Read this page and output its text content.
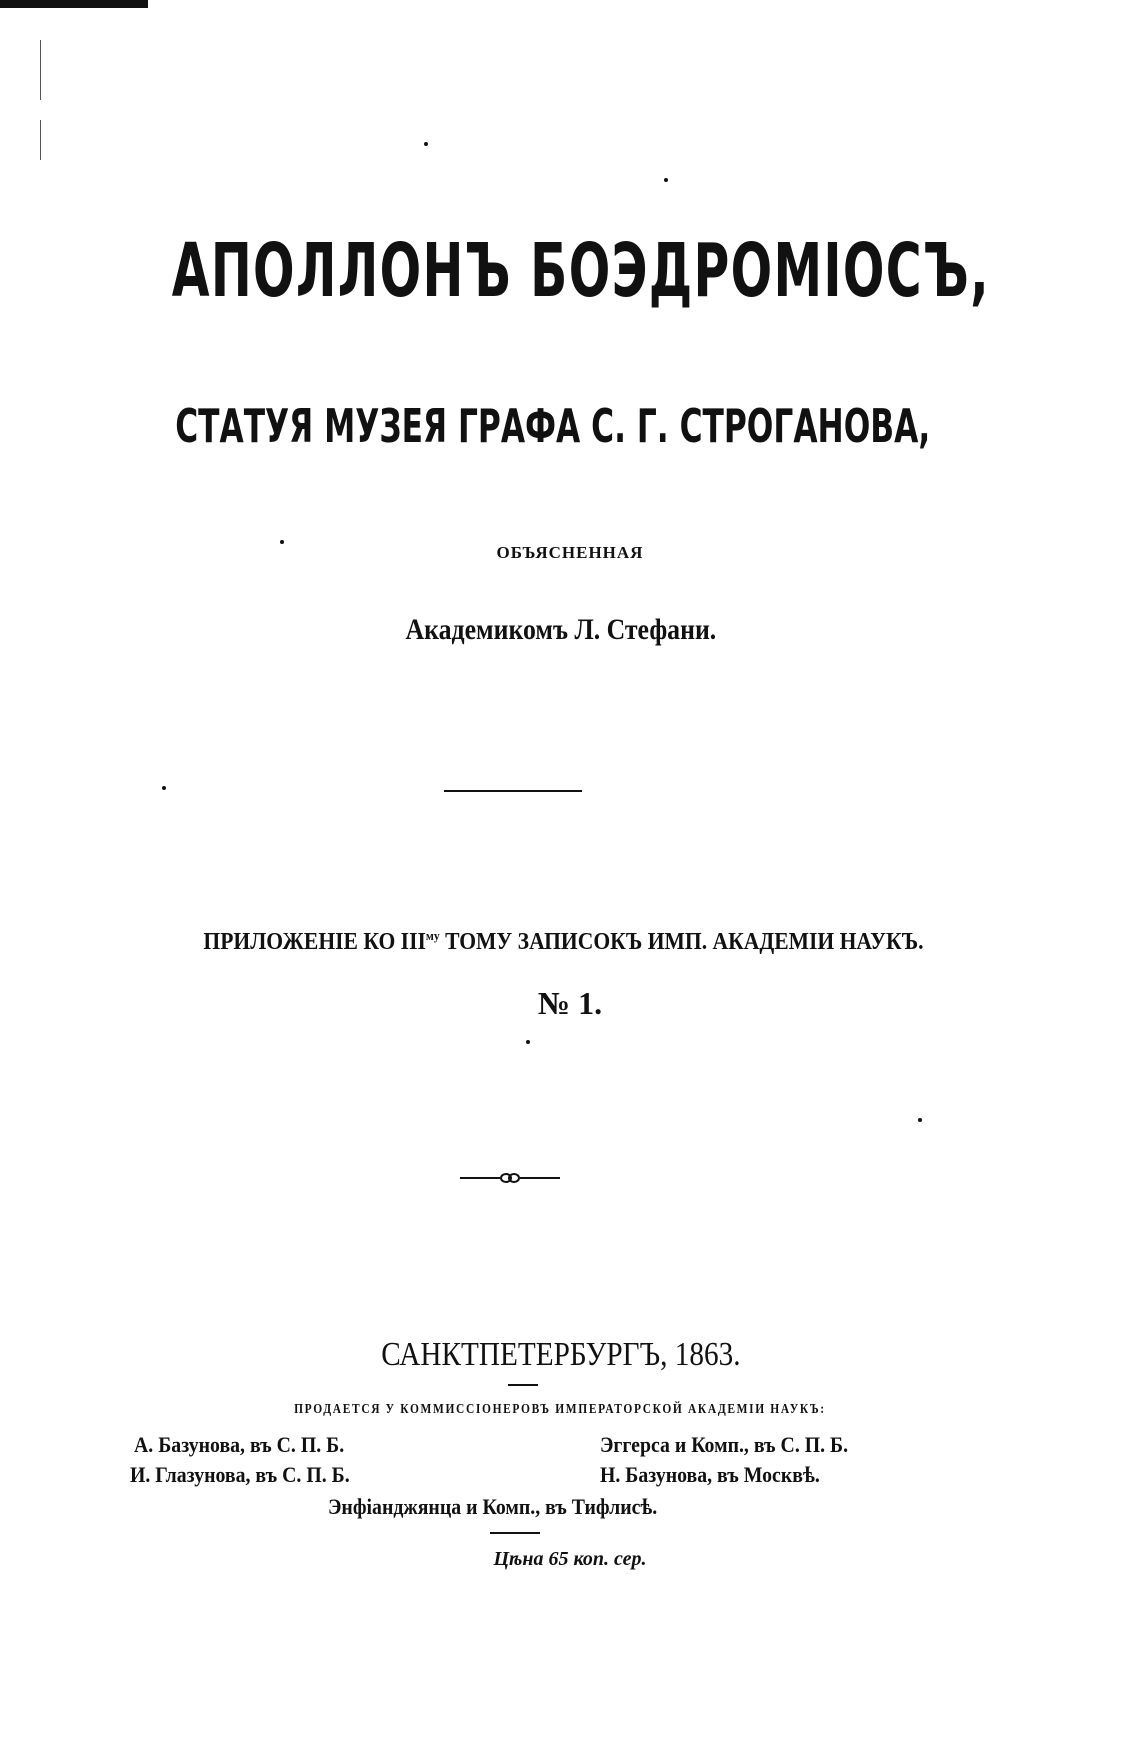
АПОЛЛОНЪ БОЭДРОМIОСЪ,
СТАТУЯ МУЗЕЯ ГРАФА С. Г. СТРОГАНОВА,
ОБЪЯСНЕННАЯ
Академикомъ Л. Стефани.
ПРИЛОЖЕНIЕ КО $III^{му}$ ТОМУ ЗАПИСОКЪ ИМП. АКАДЕМIИ НАУКЪ.
№ 1.
САНКТПЕТЕРБУРГЪ, 1863.
ПРОДАЕТСЯ У КОММИССIОНЕРОВЪ ИМПЕРАТОРСКОЙ АКАДЕМIИ НАУКЪ:
А. Базунова, въ С. П. Б.	Эггерса и Комп., въ С. П. Б.
И. Глазунова, въ С. П. Б.	Н. Базунова, въ Москвѣ.
Энфiанджянца и Комп., въ Тифлисѣ.
Цѣна 65 коп. сер.
